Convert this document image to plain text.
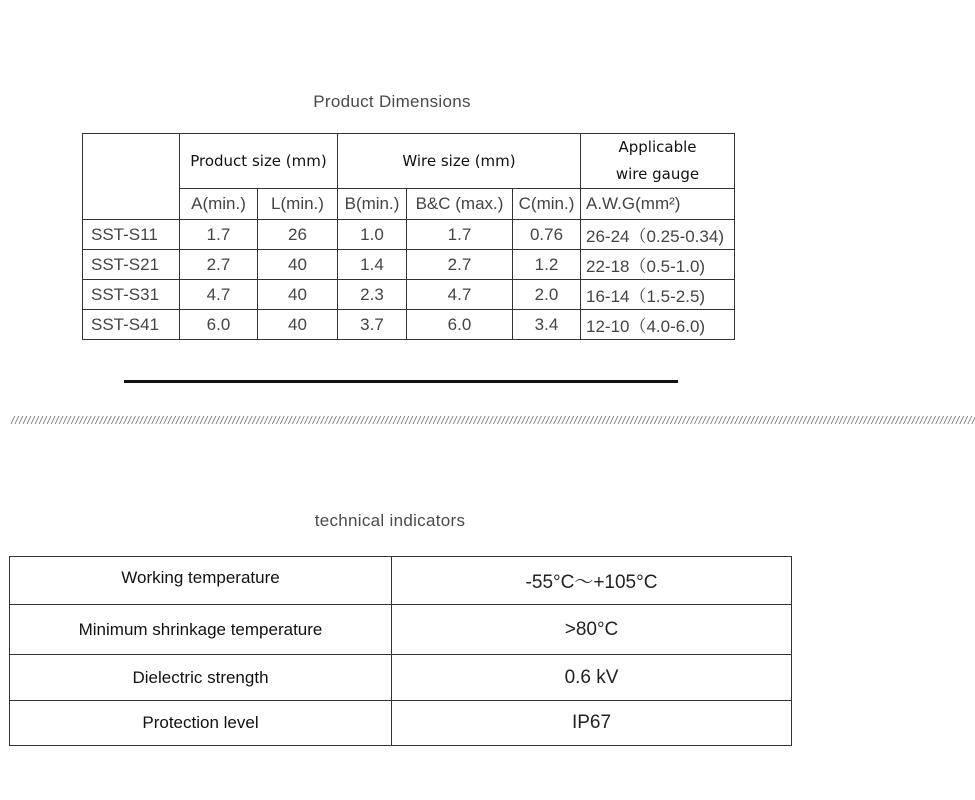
Product Dimensions
	Product size (mm)		Wire size (mm)			Applicable
wire gauge
	A(min.)	L(min.)	B(min.)	B&C (max.)	C(min.)	A.W.G(mm²)
SST-S11	1.7	26	1.0	1.7	0.76	26-24（0.25-0.34)
SST-S21	2.7	40	1.4	2.7	1.2	22-18（0.5-1.0)
SST-S31	4.7	40	2.3	4.7	2.0	16-14（1.5-2.5)
SST-S41	6.0	40	3.7	6.0	3.4	12-10（4.0-6.0)
////////////////////////////////////////////////////////////////////////////////////////////////////////////////////////////////////////////////////////////////////////////////////////////////////////////////////////////////////////////////
technical indicators
Working temperature	-55°C～+105°C
Minimum shrinkage temperature	>80°C
Dielectric strength	0.6 kV
Protection level	IP67
